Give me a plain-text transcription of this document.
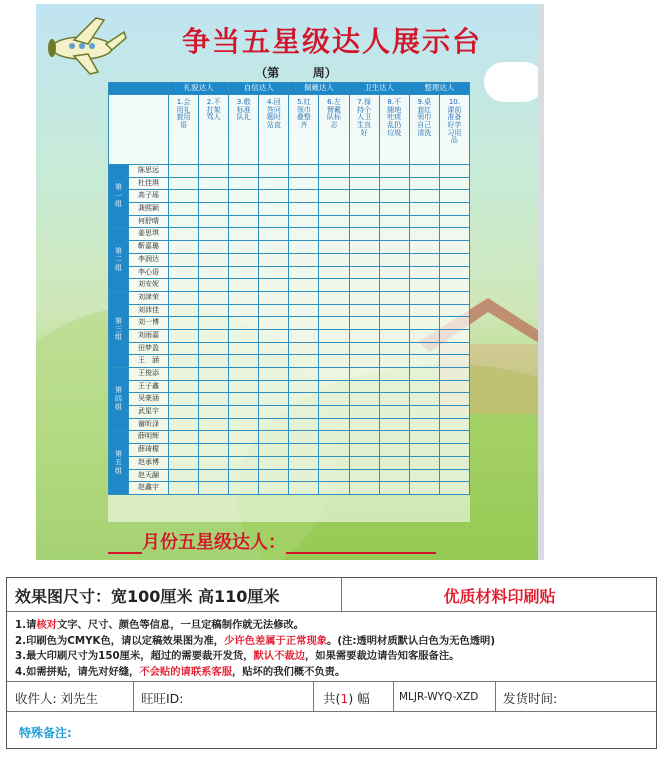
争当五星级达人展示台
（第	周）
		礼貌达人		自信达人		佩戴达人		卫生达人		整理达人	
		1.会用礼貌用语	2.不打架骂人	3.敬标准队礼	4.回答问题时站直	5.红领巾叠整齐	6.左臂戴队标志	7.保持个人卫生良好	8.不随地吐痰乱扔垃圾	9.桌套红领巾自己清洗	10.课前准备好学习用品
第一组	陈思远										
	杜佳琪										
	高子瑶										
	龚熙颖										
	何舒晴										
第二组	姜思琪										
	靳嘉璐										
	李润达										
	李心语										
	刘安妮										
第三组	刘津荣										
	刘沛佳										
	刘一博										
	刘雨嘉										
	田梦盈										
	王　涵										
第四组	王俊添										
	王子鑫										
	吴豪涵										
	武星宇										
	谢昕泽										
第五组	薛明辉										
	薛琦檬										
	赵承博										
	赵天翮										
	赵鑫宇										
月份五星级达人：
效果图尺寸：宽100厘米 高110厘米	优质材料印刷贴
1.请核对文字、尺寸、颜色等信息，一旦定稿制作就无法修改。
2.印刷色为CMYK色，请以定稿效果图为准，少许色差属于正常现象。(注:透明材质默认白色为无色透明)
3.最大印刷尺寸为150厘米，超过的需要裁开发货，默认不裁边，如果需要裁边请告知客服备注。
4.如需拼贴，请先对好缝，不会贴的请联系客服，贴坏的我们概不负责。
收件人: 刘先生	旺旺ID:	共(1) 幅	MLJR-WYQ-XZD 发货时间:
特殊备注:
